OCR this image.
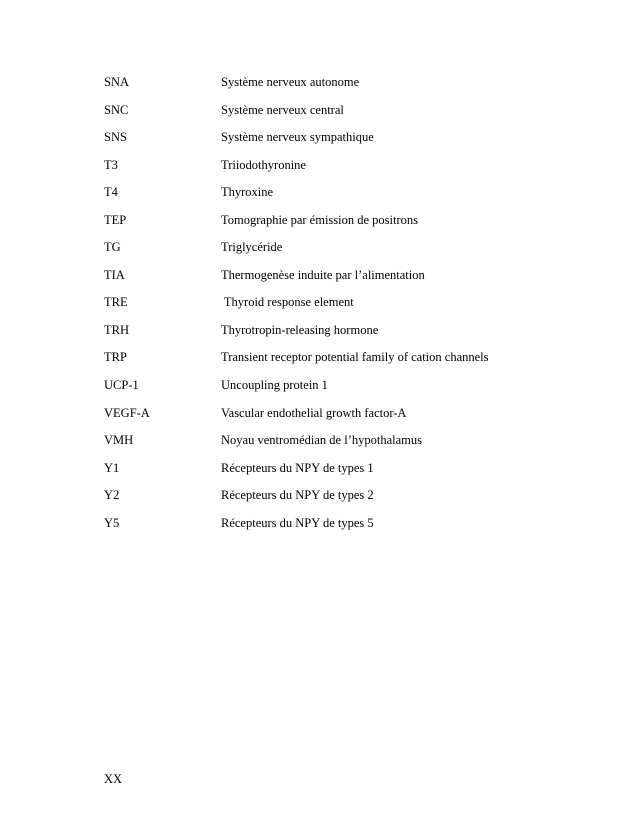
SNA	Système nerveux autonome
SNC	Système nerveux central
SNS	Système nerveux sympathique
T3	Triiodothyronine
T4	Thyroxine
TEP	Tomographie par émission de positrons
TG	Triglycéride
TIA	Thermogenèse induite par l’alimentation
TRE	Thyroid response element
TRH	Thyrotropin-releasing hormone
TRP	Transient receptor potential family of cation channels
UCP-1	Uncoupling protein 1
VEGF-A	Vascular endothelial growth factor-A
VMH	Noyau ventromédian de l’hypothalamus
Y1	Récepteurs du NPY de types 1
Y2	Récepteurs du NPY de types 2
Y5	Récepteurs du NPY de types 5
XX
